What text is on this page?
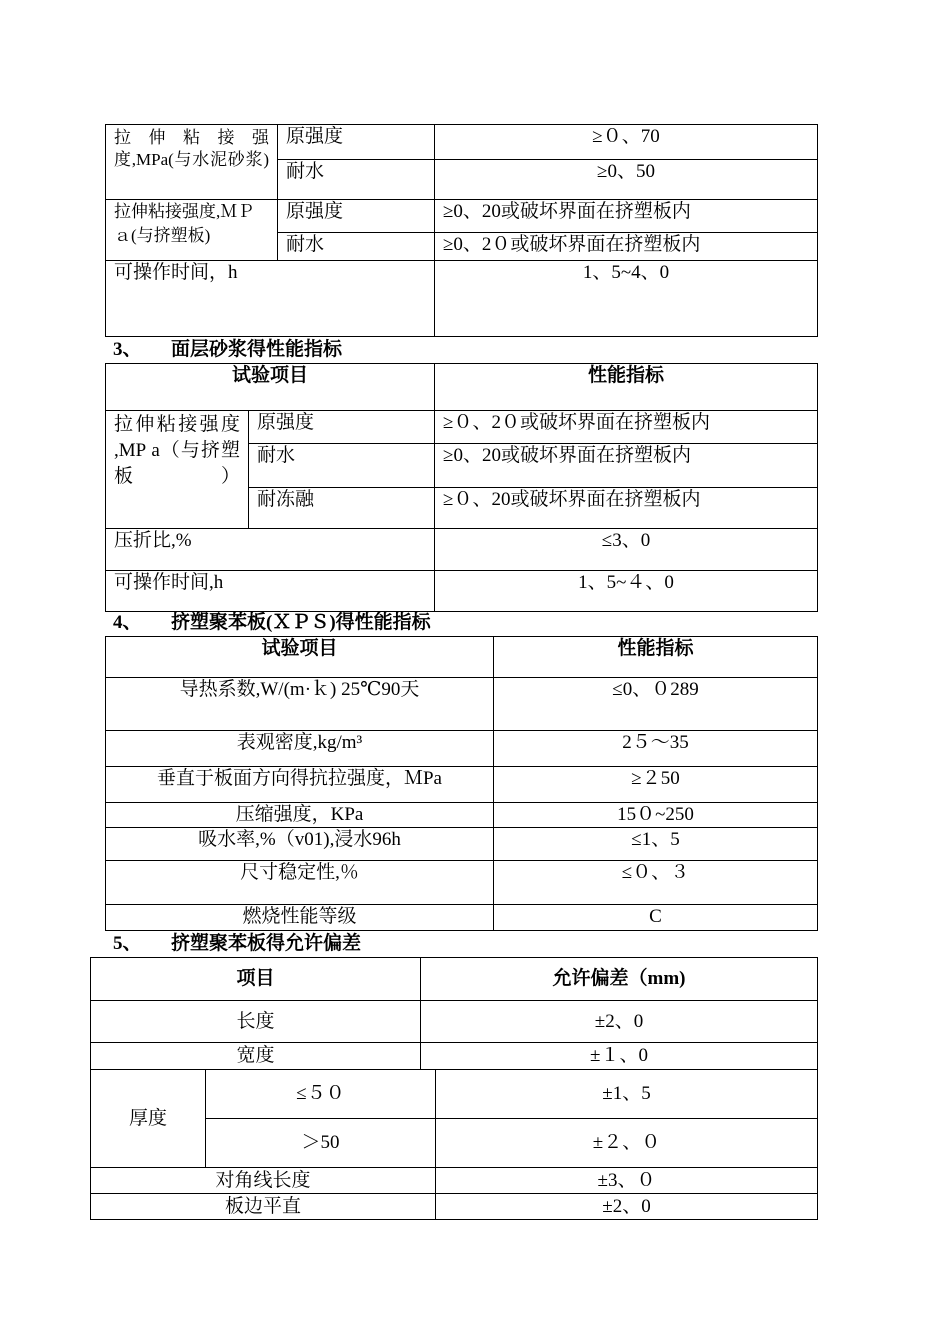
拉伸粘接强度,MPa(与水泥砂浆)	原强度	≥０、70
	耐水	≥0、50
拉伸粘接强度,ＭＰａ(与挤塑板)	原强度	≥0、20或破坏界面在挤塑板内
	耐水	≥0、2０或破坏界面在挤塑板内
可操作时间，h		1、5~4、0
3、 面层砂浆得性能指标
试验项目		性能指标
拉伸粘接强度 ,MP a（与挤塑板）	原强度	≥０、2０或破坏界面在挤塑板内
	耐水	≥0、20或破坏界面在挤塑板内
	耐冻融	≥０、20或破坏界面在挤塑板内
压折比,%		≤3、0
可操作时间,h		1、5~４、0
4、 挤塑聚苯板(ＸＰＳ)得性能指标
试验项目	性能指标
导热系数,W/(m·ｋ) 25℃90天	≤0、０289
表观密度,kg/m³	2５～35
垂直于板面方向得抗拉强度，ＭPa	≥２50
压缩强度，KPa	15０~250
吸水率,%（v01),浸水96h	≤1、5
尺寸稳定性,％	≤０、３
燃烧性能等级	C
5、 挤塑聚苯板得允许偏差
项目		允许偏差（mm)	
长度		±2、0	
宽度		±１、0	
厚度	≤５０		±1、5
	＞50		±２、０
对角线长度			±3、０
板边平直			±2、0
